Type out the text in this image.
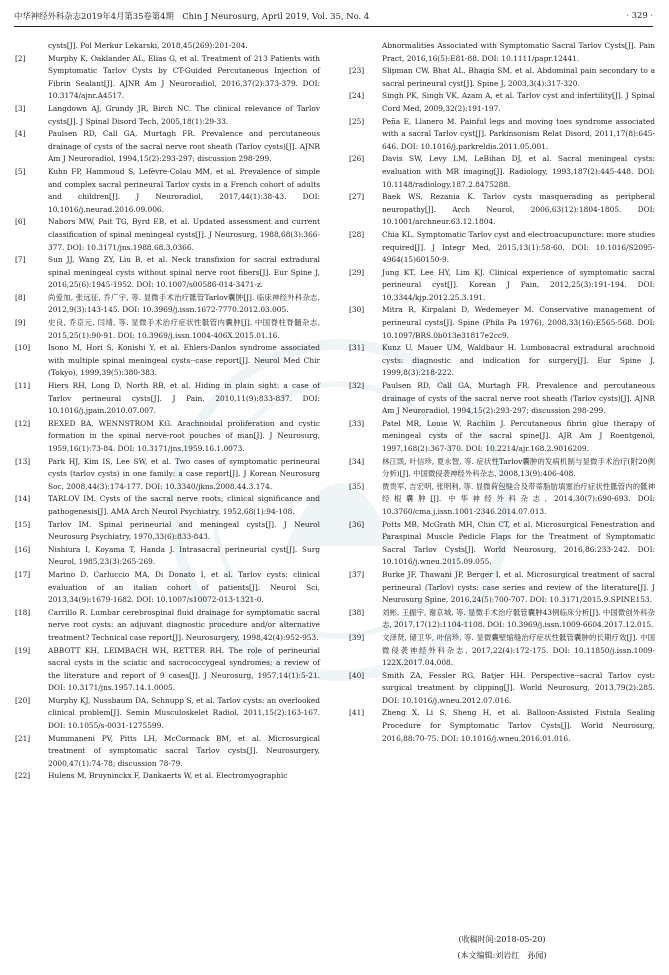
中华神经外科杂志2019年4月第35卷第4期　Chin J Neurosurg, April 2019, Vol. 35, No. 4	· 329 ·
cysts[J]. Pol Merkur Lekarski, 2018,45(269):201-204.
[2]	Murphy K, Oaklander AL, Elias G, et al. Treatment of 213 Patients with Symptomatic Tarlov Cysts by CT-Guided Percutaneous Injection of Fibrin Sealant[J]. AJNR Am J Neuroradiol, 2016,37(2):373-379. DOI: 10.3174/ajnr.A4517.
[3]	Langdown AJ, Grundy JR, Birch NC. The clinical relevance of Tarlov cysts[J]. J Spinal Disord Tech, 2005,18(1):29-33.
[4]	Paulsen RD, Call GA, Murtagh FR. Prevalence and percutaneous drainage of cysts of the sacral nerve root sheath (Tarlov cysts)[J]. AJNR Am J Neuroradiol, 1994,15(2):293-297; discussion 298-299.
[5]	Kuhn FP, Hammoud S, Lefèvre-Colau MM, et al. Prevalence of simple and complex sacral perineural Tarlov cysts in a French cohort of adults and children[J]. J Neuroradiol, 2017,44(1):38-43. DOI: 10.1016/j.neurad.2016.09.006.
[6]	Nabors MW, Pait TG, Byrd EB, et al. Updated assessment and current classification of spinal meningeal cysts[J]. J Neurosurg, 1988,68(3):366-377. DOI: 10.3171/jns.1988.68.3.0366.
[7]	Sun JJ, Wang ZY, Liu B, et al. Neck transfixion for sacral extradural spinal meningeal cysts without spinal nerve root fibers[J]. Eur Spine J, 2016,25(6):1945-1952. DOI: 10.1007/s00586-014-3471-z.
[8]	尚爱加, 张远征, 乔广宇, 等. 显微手术治疗骶管Tarlov囊肿[J]. 临床神经外科杂志, 2012,9(3):143-145. DOI: 10.3969/j.issn.1672-7770.2012.03.005.
[9]	史良, 乔京元, 闫靖, 等. 显微手术治疗症状性骶管内囊肿[J]. 中国脊柱脊髓杂志, 2015,25(1):90-91. DOI: 10.3969/j.issn.1004-406X.2015.01.16.
[10] Isono M, Hori S, Konishi Y, et al. Ehlers-Danlos syndrome associated with multiple spinal meningeal cysts--case report[J]. Neurol Med Chir (Tokyo), 1999,39(5):380-383.
[11] Hiers RH, Long D, North RB, et al. Hiding in plain sight: a case of Tarlov perineural cysts[J]. J Pain, 2010,11(9):833-837. DOI: 10.1016/j.jpain.2010.07.007.
[12] REXED BA, WENNSTROM KG. Arachnoidal proliferation and cystic formation in the spinal nerve-root pouches of man[J]. J Neurosurg, 1959,16(1):73-84. DOI: 10.3171/jns.1959.16.1.0073.
[13] Park HJ, Kim IS, Lee SW, et al. Two cases of symptomatic perineural cysts (tarlov cysts) in one family: a case report[J]. J Korean Neurosurg Soc, 2008,44(3):174-177. DOI: 10.3340/jkns.2008.44.3.174.
[14] TARLOV IM. Cysts of the sacral nerve roots; clinical significance and pathogenesis[J]. AMA Arch Neurol Psychiatry, 1952,68(1):94-108.
[15] Tarlov IM. Spinal perineurial and meningeal cysts[J]. J Neurol Neurosurg Psychiatry, 1970,33(6):833-843.
[16] Nishiura I, Koyama T, Handa J. Intrasacral perineurial cyst[J]. Surg Neurol, 1985,23(3):265-269.
[17] Marino D, Carluccio MA, Di Donato I, et al. Tarlov cysts: clinical evaluation of an italian cohort of patients[J]. Neurol Sci, 2013,34(9):1679-1682. DOI: 10.1007/s10072-013-1321-0.
[18] Carrillo R. Lumbar cerebrospinal fluid drainage for symptomatic sacral nerve root cysts: an adjuvant diagnostic procedure and/or alternative treatment? Technical case report[J]. Neurosurgery, 1998,42(4):952-953.
[19] ABBOTT KH, LEIMBACH WH, RETTER RH. The role of perineurial sacral cysts in the sciatic and sacrococcygeal syndromes; a review of the literature and report of 9 cases[J]. J Neurosurg, 1957,14(1):5-21. DOI: 10.3171/jns.1957.14.1.0005.
[20] Murphy KJ, Nussbaum DA, Schnupp S, et al. Tarlov cysts: an overlooked clinical problem[J]. Semin Musculoskelet Radiol, 2011,15(2):163-167. DOI: 10.1055/s-0031-1275599.
[21] Mummaneni PV, Pitts LH, McCormack BM, et al. Microsurgical treatment of symptomatic sacral Tarlov cysts[J]. Neurosurgery, 2000,47(1):74-78; discussion 78-79.
[22] Hulens M, Bruyninckx F, Dankaerts W, et al. Electromyographic
Abnormalities Associated with Symptomatic Sacral Tarlov Cysts[J]. Pain Pract, 2016,16(5):E81-88. DOI: 10.1111/papr.12441.
[23] Slipman CW, Bhat AL, Bhagia SM, et al. Abdominal pain secondary to a sacral perineural cyst[J]. Spine J, 2003,3(4):317-320.
[24] Singh PK, Singh VK, Azam A, et al. Tarlov cyst and infertility[J]. J Spinal Cord Med, 2009,32(2):191-197.
[25] Peña E, Llanero M. Painful legs and moving toes syndrome associated with a sacral Tarlov cyst[J]. Parkinsonism Relat Disord, 2011,17(8):645-646. DOI: 10.1016/j.parkreldis.2011.05.001.
[26] Davis SW, Levy LM, LeBihan DJ, et al. Sacral meningeal cysts: evaluation with MR imaging[J]. Radiology, 1993,187(2):445-448. DOI: 10.1148/radiology.187.2.8475288.
[27] Baek WS, Rezania K. Tarlov cysts masquerading as peripheral neuropathy[J]. Arch Neurol, 2006,63(12):1804-1805. DOI: 10.1001/archneur.63.12.1804.
[28] Chia KL. Symptomatic Tarlov cyst and electroacupuncture: more studies required[J]. J Integr Med, 2015,13(1):58-60. DOI: 10.1016/S2095-4964(15)60150-9.
[29] Jung KT, Lee HY, Lim KJ. Clinical experience of symptomatic sacral perineural cyst[J]. Korean J Pain, 2012,25(3):191-194. DOI: 10.3344/kjp.2012.25.3.191.
[30] Mitra R, Kirpalani D, Wedemeyer M. Conservative management of perineural cysts[J]. Spine (Phila Pa 1976), 2008,33(16):E565-568. DOI: 10.1097/BRS.0b013e31817e2cc9.
[31] Kunz U, Mauer UM, Waldbaur H. Lumbosacral extradural arachnoid cysts: diagnostic and indication for surgery[J]. Eur Spine J, 1999,8(3):218-222.
[32] Paulsen RD, Call GA, Murtagh FR. Prevalence and percutaneous drainage of cysts of the sacral nerve root sheath (Tarlov cysts)[J]. AJNR Am J Neuroradiol, 1994,15(2):293-297; discussion 298-299.
[33] Patel MR, Louie W, Rachlin J. Percutaneous fibrin glue therapy of meningeal cysts of the sacral spine[J]. AJR Am J Roentgenol, 1997,168(2):367-370. DOI: 10.2214/ajr.168.2.9016209.
[34] 林江凯, 叶信珍, 夏永智, 等. 症状性Tarlov囊肿的发病机制与显微手术治疗(附20例分析)[J]. 中国微侵袭神经外科杂志, 2008,13(9):406-408.
[35] 贾贵军, 吉宏明, 张明利, 等. 显微荷包缝合及带蒂脂肪填塞治疗症状性骶管内的骶神经根囊肿[J]. 中华神经外科杂志, 2014,30(7):690-693. DOI: 10.3760/cma.j.issn.1001-2346.2014.07.013.
[36] Potts MB, McGrath MH, Chin CT, et al. Microsurgical Fenestration and Paraspinal Muscle Pedicle Flaps for the Treatment of Symptomatic Sacral Tarlov Cysts[J]. World Neurosurg, 2016,86:233-242. DOI: 10.1016/j.wneu.2015.09.055.
[37] Burke JF, Thawani JP, Berger I, et al. Microsurgical treatment of sacral perineural (Tarlov) cysts: case series and review of the literature[J]. J Neurosurg Spine, 2016,24(5):700-707. DOI: 10.3171/2015.9.SPINE153.
[38] 刘彬, 王振宇, 谢京城, 等. 显微手术治疗骶管囊肿43例临床分析[J]. 中国微创外科杂志, 2017,17(12):1104-1108. DOI: 10.3969/j.issn.1009-6604.2017.12.015.
[39] 文泽贤, 储卫华, 叶信珍, 等. 显微囊壁缩缝治疗症状性骶管囊肿的长期疗效[J]. 中国微侵袭神经外科杂志, 2017,22(4):172-175. DOI: 10.11850/j.issn.1009-122X.2017.04.008.
[40] Smith ZA, Fessler RG, Batjer HH. Perspective--sacral Tarlov cyst: surgical treatment by clipping[J]. World Neurosurg, 2013,79(2):285. DOI: 10.1016/j.wneu.2012.07.016.
[41] Zheng X, Li S, Sheng H, et al. Balloon-Assisted Fistula Sealing Procedure for Symptomatic Tarlov Cysts[J]. World Neurosurg, 2016,88:70-75. DOI: 10.1016/j.wneu.2016.01.016.
(收稿时间:2018-05-20)
(本文编辑:刘岩红　孙闻)
